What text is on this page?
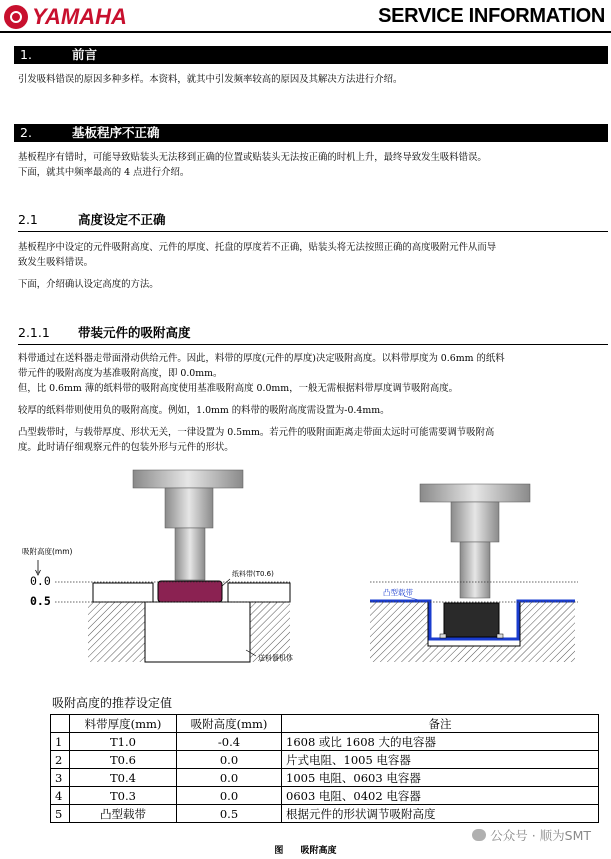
YAMAHA	SERVICE INFORMATION
1.	前言
引发吸料错误的原因多种多样。本资料，就其中引发频率较高的原因及其解决方法进行介绍。
2.	基板程序不正确
基板程序有错时，可能导致贴装头无法移到正确的位置或贴装头无法按正确的时机上升，最终导致发生吸料错误。
下面，就其中频率最高的 4 点进行介绍。
2.1	高度设定不正确
基板程序中设定的元件吸附高度、元件的厚度、托盘的厚度若不正确，贴装头将无法按照正确的高度吸附元件从而导
致发生吸料错误。
下面，介绍确认设定高度的方法。
2.1.1 带装元件的吸附高度
料带通过在送料器走带面滑动供给元件。因此，料带的厚度(元件的厚度)决定吸附高度。以料带厚度为 0.6mm 的纸料
带元件的吸附高度为基准吸附高度，即 0.0mm。
但，比 0.6mm 薄的纸料带的吸附高度使用基准吸附高度 0.0mm，一般无需根据料带厚度调节吸附高度。
较厚的纸料带则使用负的吸附高度。例如，1.0mm 的料带的吸附高度需设置为-0.4mm。
凸型载带时，与载带厚度、形状无关，一律设置为 0.5mm。若元件的吸附面距离走带面太远时可能需要调节吸附高
度。此时请仔细观察元件的包装外形与元件的形状。
吸附高度(mm)
0.0
0.5
纸料带(T0.6)
送料器机体
凸型载带
吸附高度的推荐设定值
	料带厚度(mm)	吸附高度(mm)	备注
1	T1.0	-0.4	1608 或比 1608 大的电容器
2	T0.6	0.0	片式电阻、1005 电容器
3	T0.4	0.0	1005 电阻、0603 电容器
4	T0.3	0.0	0603 电阻、0402 电容器
5	凸型载带	0.5	根据元件的形状调节吸附高度
公众号 · 顺为SMT
图 吸附高度
